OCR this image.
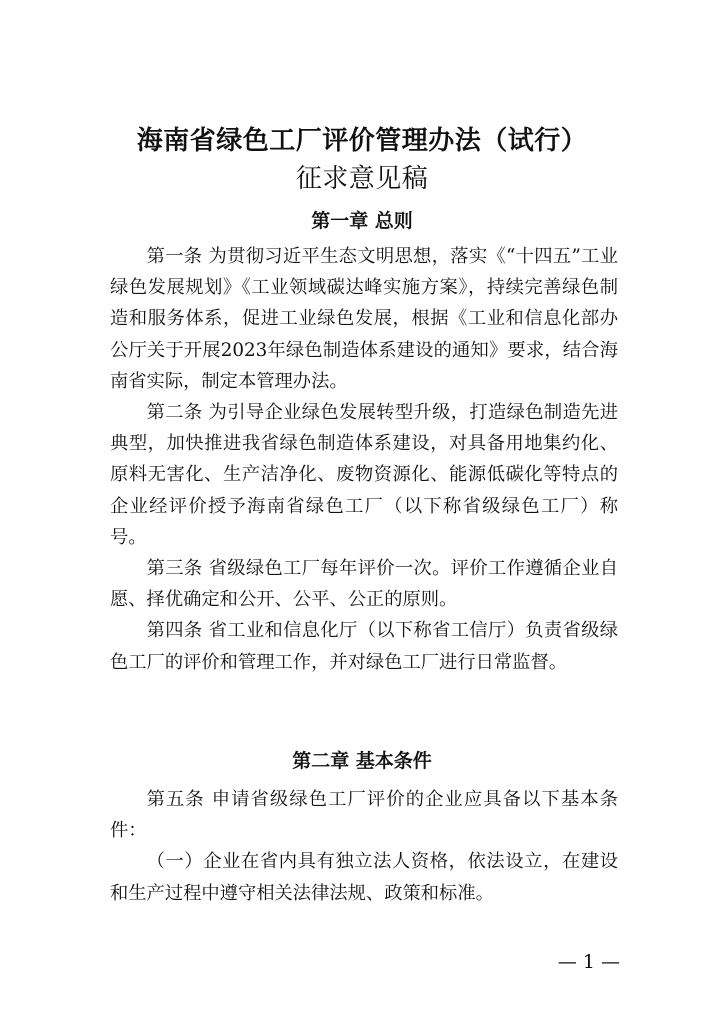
海南省绿色工厂评价管理办法（试行）
征求意见稿
第一章 总则

第一条 为贯彻习近平生态文明思想，落实《“十四五”工业绿色发展规划》《工业领域碳达峰实施方案》，持续完善绿色制造和服务体系，促进工业绿色发展，根据《工业和信息化部办公厅关于开展2023年绿色制造体系建设的通知》要求，结合海南省实际，制定本管理办法。

第二条 为引导企业绿色发展转型升级，打造绿色制造先进典型，加快推进我省绿色制造体系建设，对具备用地集约化、原料无害化、生产洁净化、废物资源化、能源低碳化等特点的企业经评价授予海南省绿色工厂（以下称省级绿色工厂）称号。

第三条 省级绿色工厂每年评价一次。评价工作遵循企业自愿、择优确定和公开、公平、公正的原则。

第四条 省工业和信息化厅（以下称省工信厅）负责省级绿色工厂的评价和管理工作，并对绿色工厂进行日常监督。

第二章 基本条件

第五条 申请省级绿色工厂评价的企业应具备以下基本条件：

（一）企业在省内具有独立法人资格，依法设立，在建设和生产过程中遵守相关法律法规、政策和标准。

— 1 —
